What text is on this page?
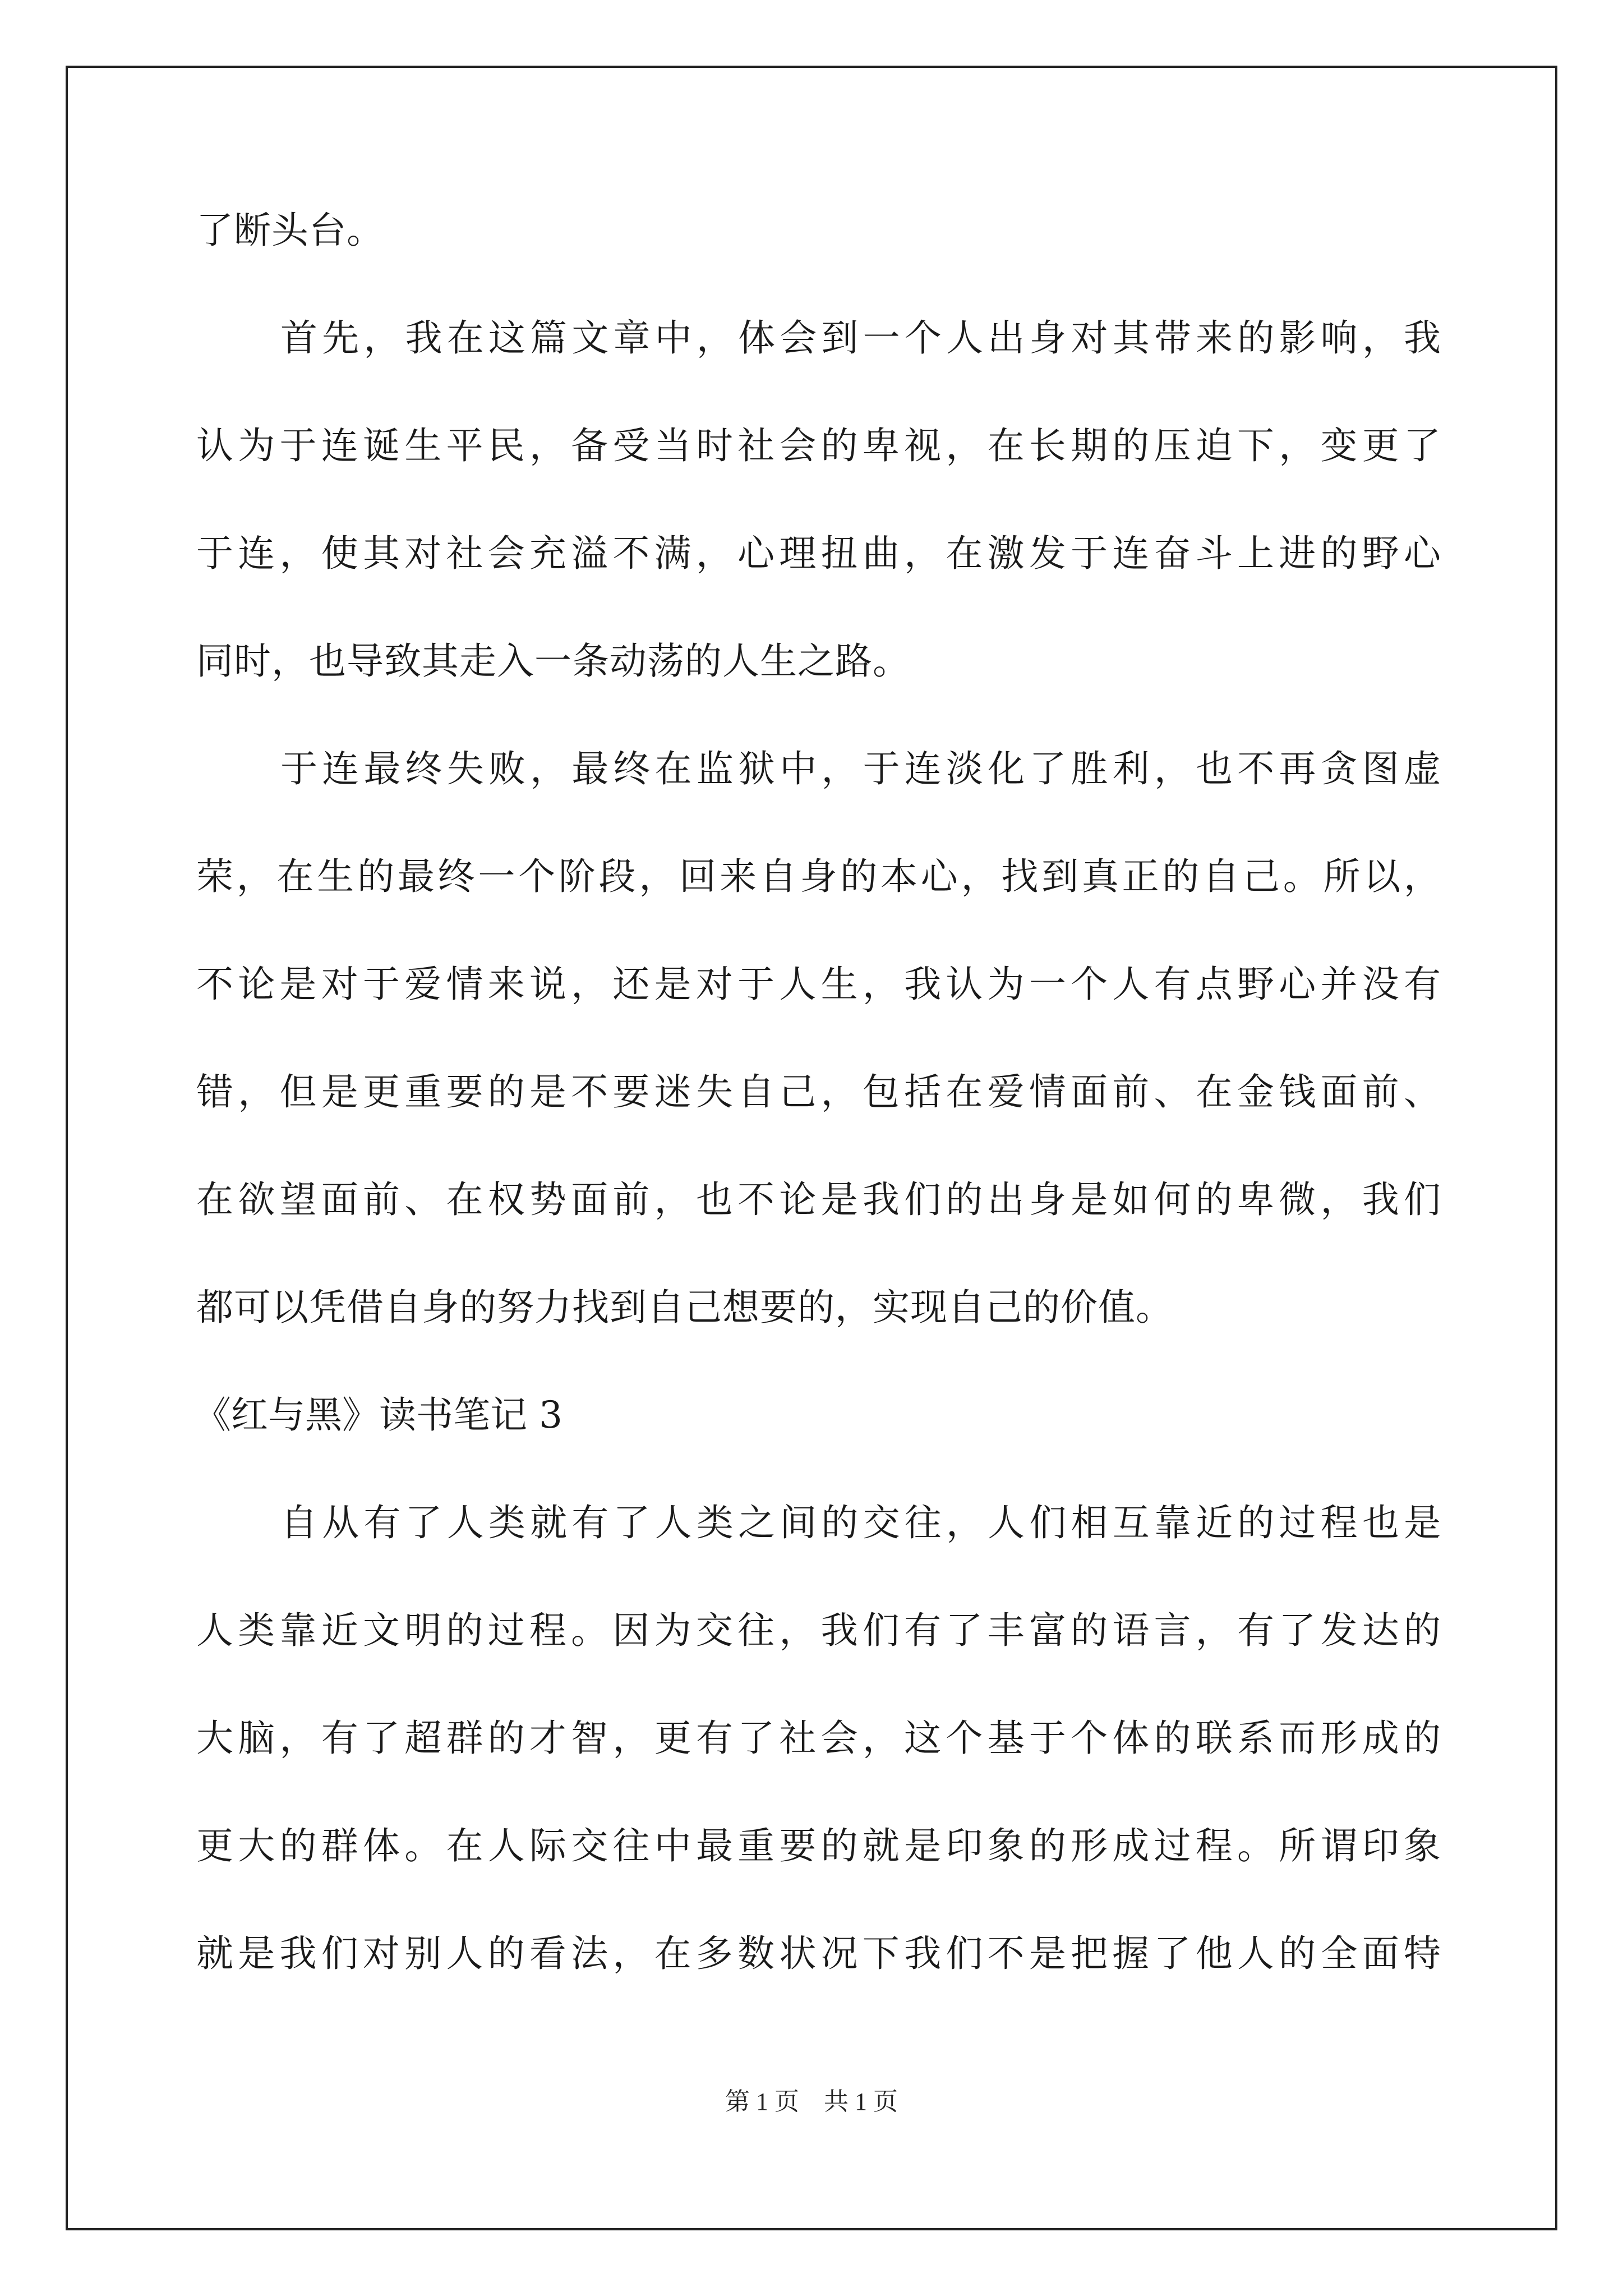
了断头台。
首先，我在这篇文章中，体会到一个人出身对其带来的影响，我
认为于连诞生平民，备受当时社会的卑视，在长期的压迫下，变更了
于连，使其对社会充溢不满，心理扭曲，在激发于连奋斗上进的野心
同时，也导致其走入一条动荡的人生之路。
于连最终失败，最终在监狱中，于连淡化了胜利，也不再贪图虚
荣，在生的最终一个阶段，回来自身的本心，找到真正的自己。所以，
不论是对于爱情来说，还是对于人生，我认为一个人有点野心并没有
错，但是更重要的是不要迷失自己，包括在爱情面前、在金钱面前、
在欲望面前、在权势面前，也不论是我们的出身是如何的卑微，我们
都可以凭借自身的努力找到自己想要的，实现自己的价值。
《红与黑》读书笔记 3
自从有了人类就有了人类之间的交往，人们相互靠近的过程也是
人类靠近文明的过程。因为交往，我们有了丰富的语言，有了发达的
大脑，有了超群的才智，更有了社会，这个基于个体的联系而形成的
更大的群体。在人际交往中最重要的就是印象的形成过程。所谓印象
就是我们对别人的看法，在多数状况下我们不是把握了他人的全面特
第 1 页　共 1 页
